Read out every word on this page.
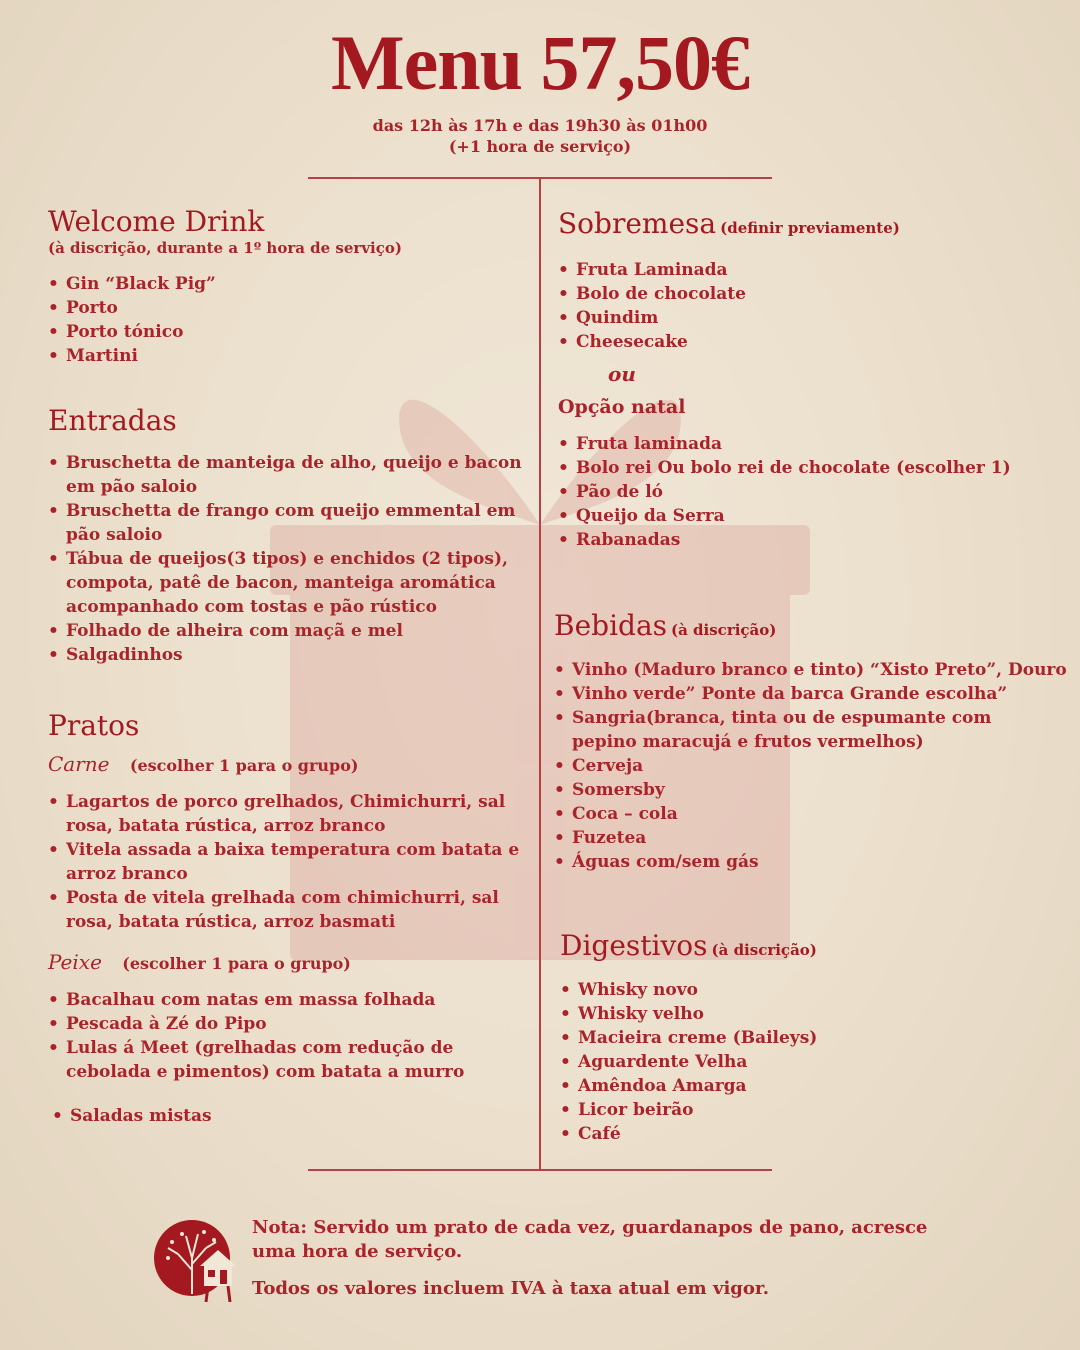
Menu 57,50€
das 12h às 17h e das 19h30 às 01h00
(+1 hora de serviço)
Welcome Drink
(à discrição, durante a 1º hora de serviço)
• Gin “Black Pig”
• Porto
• Porto tónico
• Martini
Entradas
• Bruschetta de manteiga de alho, queijo e bacon em pão saloio
• Bruschetta de frango com queijo emmental em pão saloio
• Tábua de queijos(3 tipos) e enchidos (2 tipos), compota, patê de bacon, manteiga aromática acompanhado com tostas e pão rústico
• Folhado de alheira com maçã e mel
• Salgadinhos
Pratos
Carne (escolher 1 para o grupo)
• Lagartos de porco grelhados, Chimichurri, sal rosa, batata rústica, arroz branco
• Vitela assada a baixa temperatura com batata e arroz branco
• Posta de vitela grelhada com chimichurri, sal rosa, batata rústica, arroz basmati
Peixe (escolher 1 para o grupo)
• Bacalhau com natas em massa folhada
• Pescada à Zé do Pipo
• Lulas á Meet (grelhadas com redução de cebolada e pimentos) com batata a murro
• Saladas mistas
Sobremesa (definir previamente)
• Fruta Laminada
• Bolo de chocolate
• Quindim
• Cheesecake
ou
Opção natal
• Fruta laminada
• Bolo rei Ou bolo rei de chocolate (escolher 1)
• Pão de ló
• Queijo da Serra
• Rabanadas
Bebidas (à discrição)
• Vinho (Maduro branco e tinto) “Xisto Preto”, Douro
• Vinho verde” Ponte da barca Grande escolha”
• Sangria(branca, tinta ou de espumante com pepino maracujá e frutos vermelhos)
• Cerveja
• Somersby
• Coca – cola
• Fuzetea
• Águas com/sem gás
Digestivos (à discrição)
• Whisky novo
• Whisky velho
• Macieira creme (Baileys)
• Aguardente Velha
• Amêndoa Amarga
• Licor beirão
• Café
Nota: Servido um prato de cada vez, guardanapos de pano, acresce uma hora de serviço.
Todos os valores incluem IVA à taxa atual em vigor.
